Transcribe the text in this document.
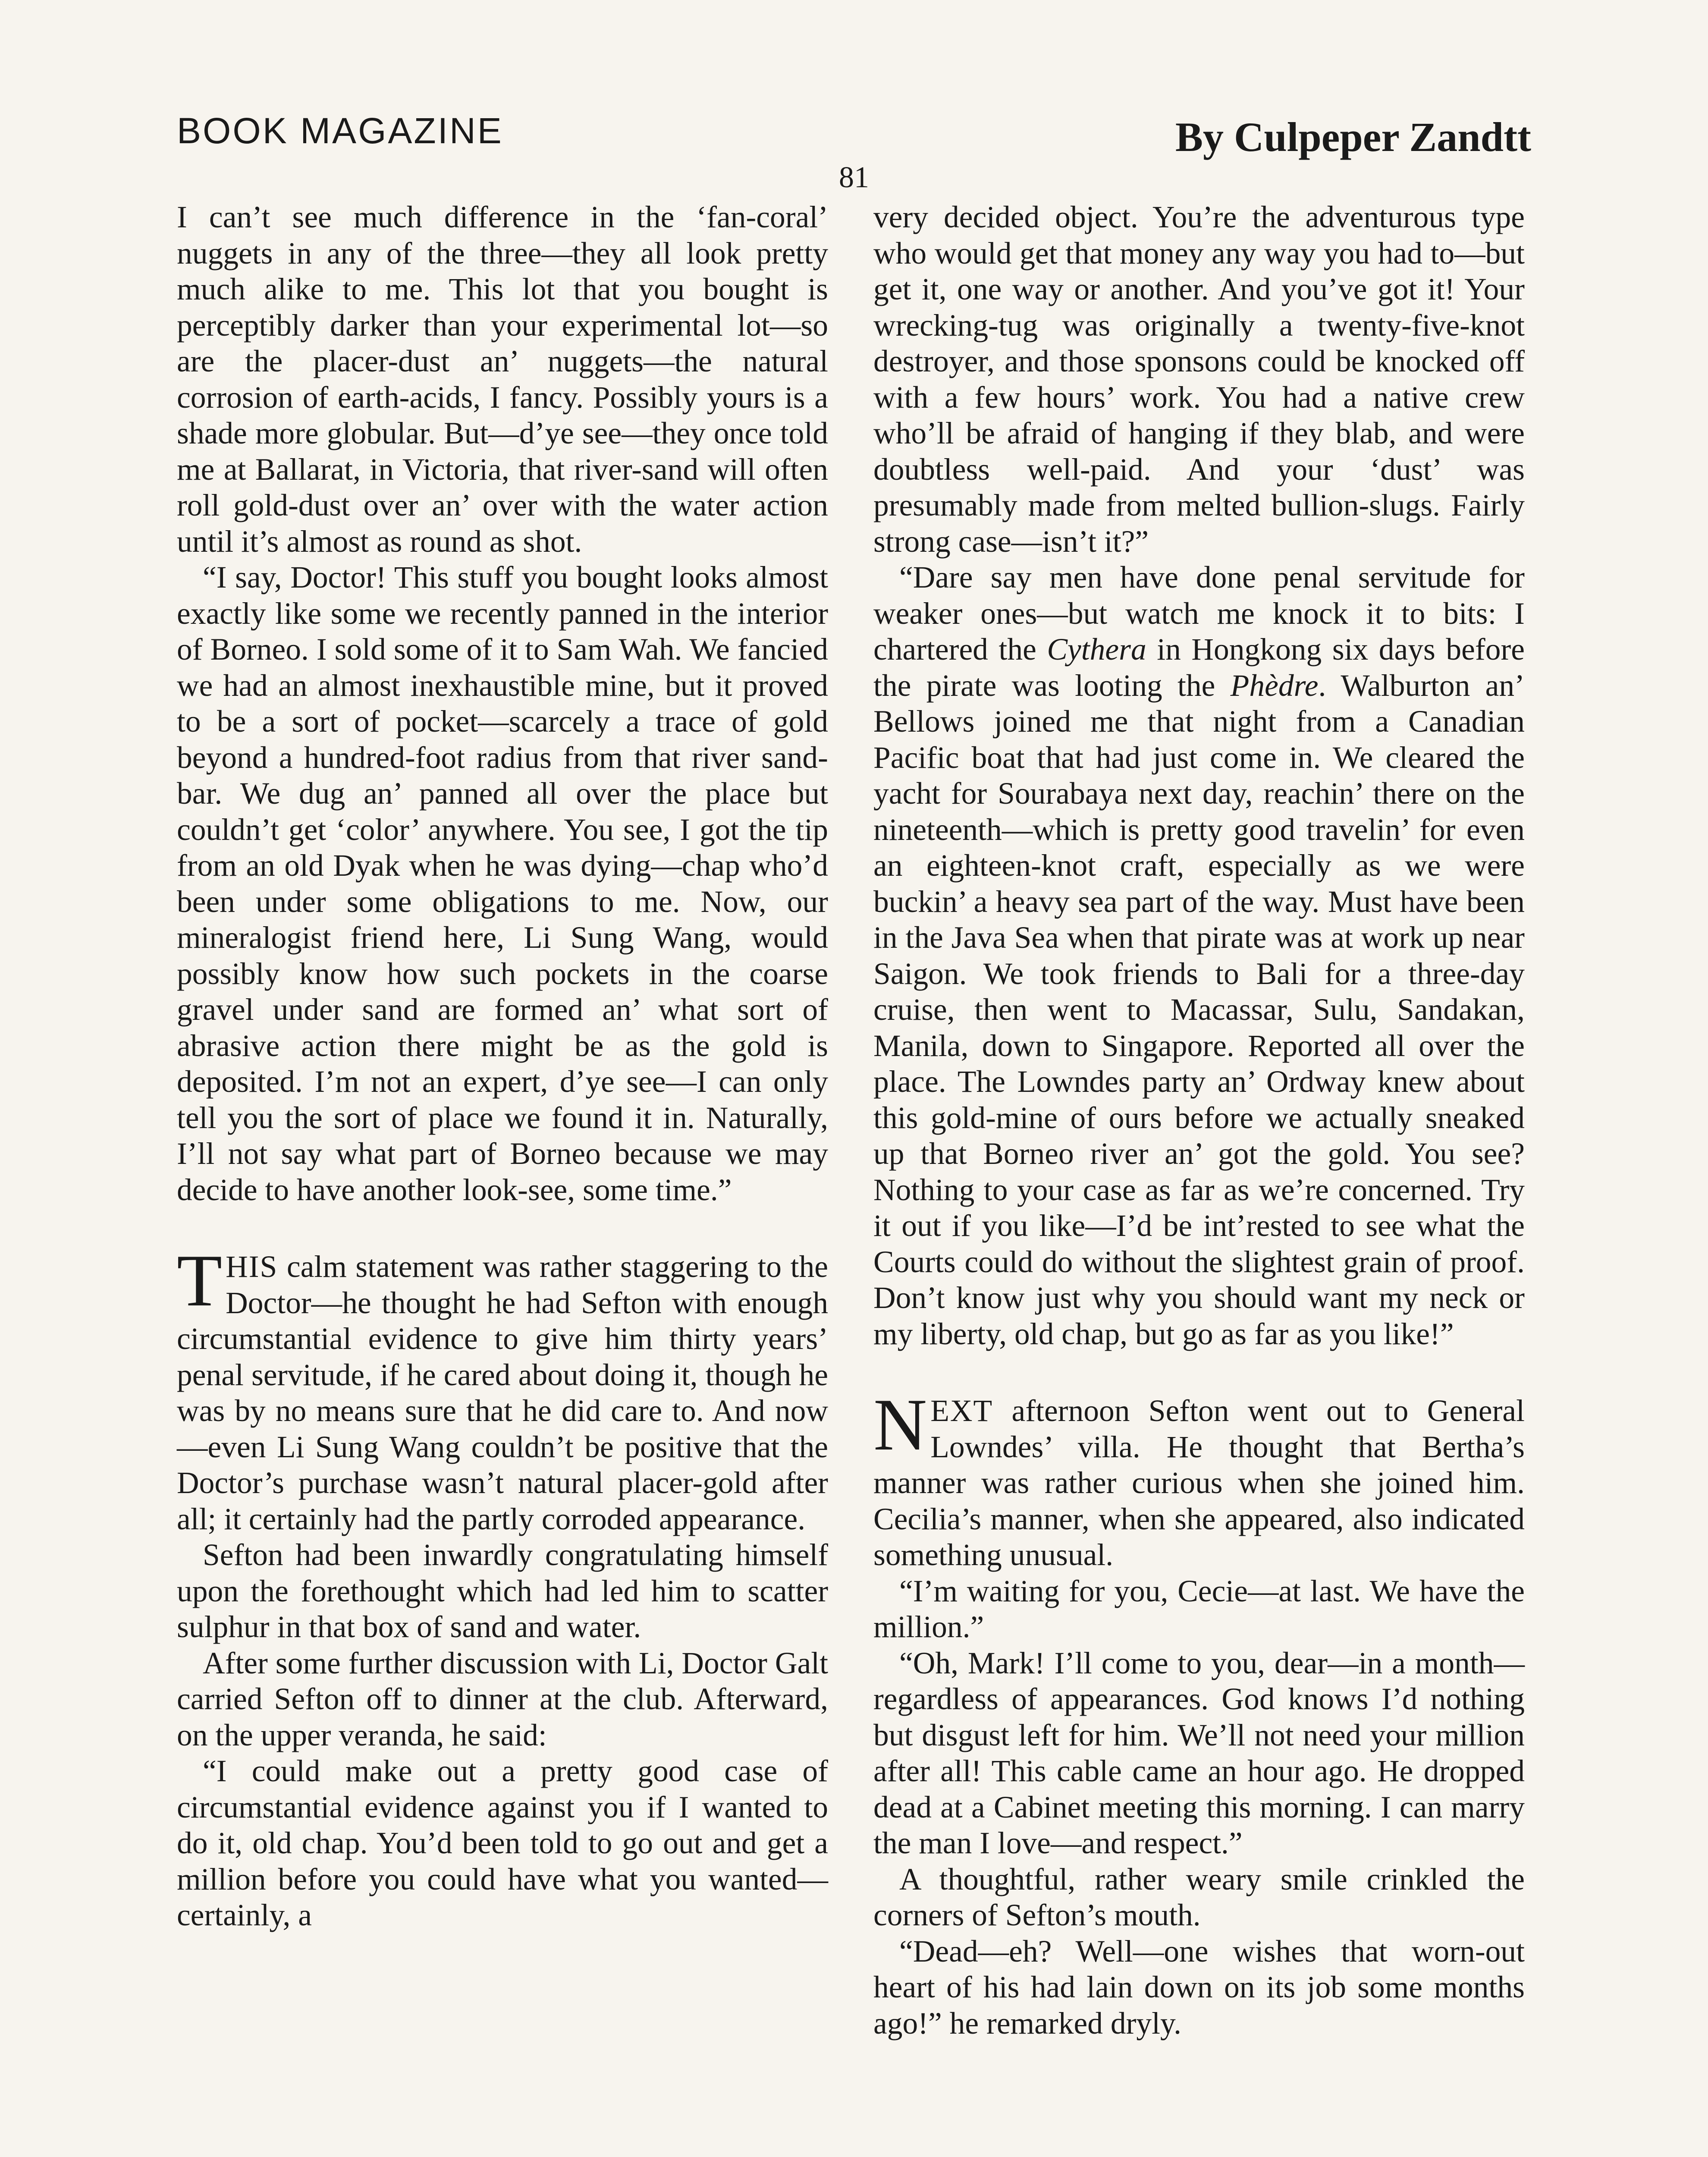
BOOK MAGAZINE	By Culpeper Zandtt
81

I can’t see much difference in the ‘fan-coral’ nuggets in any of the three—they all look pretty much alike to me. This lot that you bought is perceptibly darker than your experimental lot—so are the placer-dust an’ nuggets—the natural corrosion of earth-acids, I fancy. Possibly yours is a shade more globular. But—d’ye see—they once told me at Ballarat, in Victoria, that river-sand will often roll gold-dust over an’ over with the water action until it’s almost as round as shot.

“I say, Doctor! This stuff you bought looks almost exactly like some we recently panned in the interior of Borneo. I sold some of it to Sam Wah. We fancied we had an almost inexhaustible mine, but it proved to be a sort of pocket—scarcely a trace of gold beyond a hundred-foot radius from that river sand-bar. We dug an’ panned all over the place but couldn’t get ‘color’ anywhere. You see, I got the tip from an old Dyak when he was dying—chap who’d been under some obligations to me. Now, our mineralogist friend here, Li Sung Wang, would possibly know how such pockets in the coarse gravel under sand are formed an’ what sort of abrasive action there might be as the gold is deposited. I’m not an expert, d’ye see—I can only tell you the sort of place we found it in. Naturally, I’ll not say what part of Borneo because we may decide to have another look-see, some time.”

THIS calm statement was rather staggering to the Doctor—he thought he had Sefton with enough circumstantial evidence to give him thirty years’ penal servitude, if he cared about doing it, though he was by no means sure that he did care to. And now—even Li Sung Wang couldn’t be positive that the Doctor’s purchase wasn’t natural placer-gold after all; it certainly had the partly corroded appearance.

Sefton had been inwardly congratulating himself upon the forethought which had led him to scatter sulphur in that box of sand and water.

After some further discussion with Li, Doctor Galt carried Sefton off to dinner at the club. Afterward, on the upper veranda, he said:

“I could make out a pretty good case of circumstantial evidence against you if I wanted to do it, old chap. You’d been told to go out and get a million before you could have what you wanted—certainly, a

very decided object. You’re the adventurous type who would get that money any way you had to—but get it, one way or another. And you’ve got it! Your wrecking-tug was originally a twenty-five-knot destroyer, and those sponsons could be knocked off with a few hours’ work. You had a native crew who’ll be afraid of hanging if they blab, and were doubtless well-paid. And your ‘dust’ was presumably made from melted bullion-slugs. Fairly strong case—isn’t it?”

“Dare say men have done penal servitude for weaker ones—but watch me knock it to bits: I chartered the Cythera in Hongkong six days before the pirate was looting the Phèdre. Walburton an’ Bellows joined me that night from a Canadian Pacific boat that had just come in. We cleared the yacht for Sourabaya next day, reachin’ there on the nineteenth—which is pretty good travelin’ for even an eighteen-knot craft, especially as we were buckin’ a heavy sea part of the way. Must have been in the Java Sea when that pirate was at work up near Saigon. We took friends to Bali for a three-day cruise, then went to Macassar, Sulu, Sandakan, Manila, down to Singapore. Reported all over the place. The Lowndes party an’ Ordway knew about this gold-mine of ours before we actually sneaked up that Borneo river an’ got the gold. You see? Nothing to your case as far as we’re concerned. Try it out if you like—I’d be int’rested to see what the Courts could do without the slightest grain of proof. Don’t know just why you should want my neck or my liberty, old chap, but go as far as you like!”

NEXT afternoon Sefton went out to General Lowndes’ villa. He thought that Bertha’s manner was rather curious when she joined him. Cecilia’s manner, when she appeared, also indicated something unusual.

“I’m waiting for you, Cecie—at last. We have the million.”

“Oh, Mark! I’ll come to you, dear—in a month—regardless of appearances. God knows I’d nothing but disgust left for him. We’ll not need your million after all! This cable came an hour ago. He dropped dead at a Cabinet meeting this morning. I can marry the man I love—and respect.”

A thoughtful, rather weary smile crinkled the corners of Sefton’s mouth.

“Dead—eh? Well—one wishes that worn-out heart of his had lain down on its job some months ago!” he remarked dryly.
